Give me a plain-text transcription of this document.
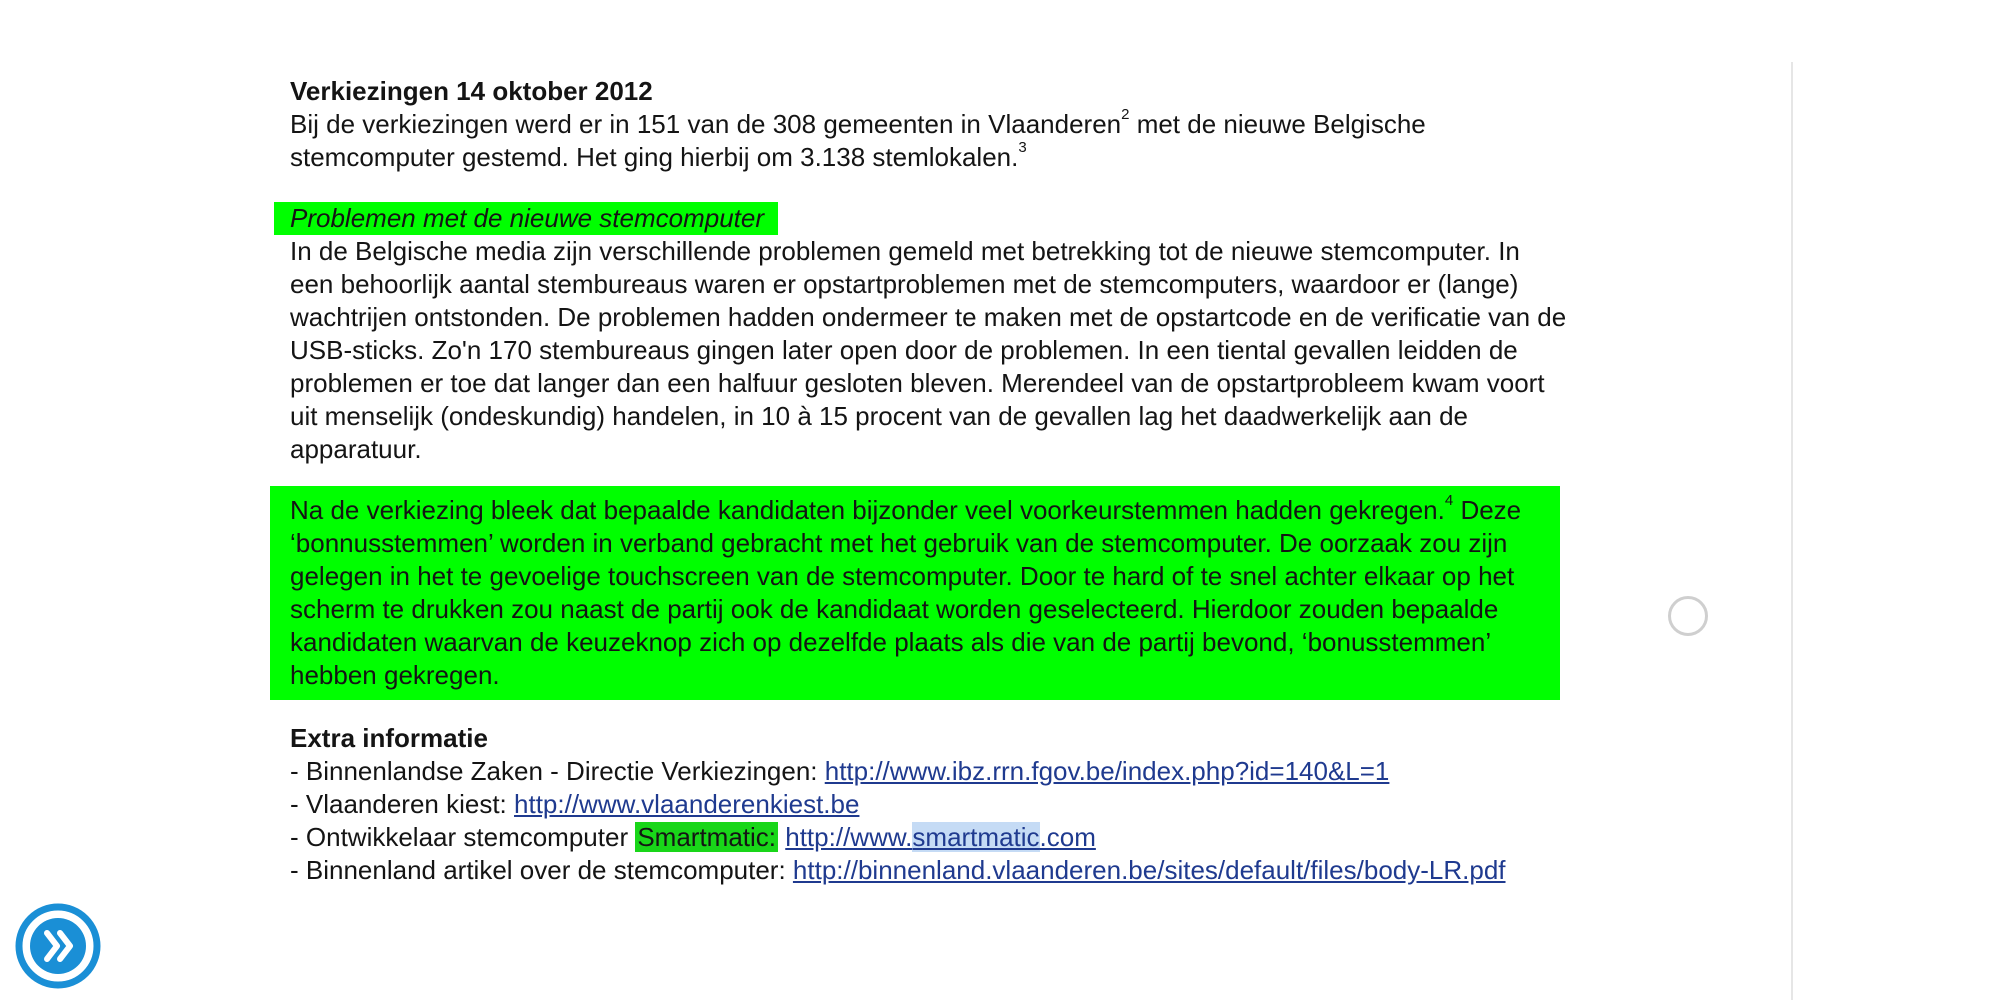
Verkiezingen 14 oktober 2012

Bij de verkiezingen werd er in 151 van de 308 gemeenten in Vlaanderen$^2$ met de nieuwe Belgische stemcomputer gestemd. Het ging hierbij om 3.138 stemlokalen.$^3$

Problemen met de nieuwe stemcomputer

In de Belgische media zijn verschillende problemen gemeld met betrekking tot de nieuwe stemcomputer. In een behoorlijk aantal stembureaus waren er opstartproblemen met de stemcomputers, waardoor er (lange) wachtrijen ontstonden. De problemen hadden ondermeer te maken met de opstartcode en de verificatie van de USB-sticks. Zo'n 170 stembureaus gingen later open door de problemen. In een tiental gevallen leidden de problemen er toe dat langer dan een halfuur gesloten bleven. Merendeel van de opstartprobleem kwam voort uit menselijk (ondeskundig) handelen, in 10 à 15 procent van de gevallen lag het daadwerkelijk aan de apparatuur.

Na de verkiezing bleek dat bepaalde kandidaten bijzonder veel voorkeurstemmen hadden gekregen.$^4$ Deze ‘bonnusstemmen’ worden in verband gebracht met het gebruik van de stemcomputer. De oorzaak zou zijn gelegen in het te gevoelige touchscreen van de stemcomputer. Door te hard of te snel achter elkaar op het scherm te drukken zou naast de partij ook de kandidaat worden geselecteerd. Hierdoor zouden bepaalde kandidaten waarvan de keuzeknop zich op dezelfde plaats als die van de partij bevond, ‘bonusstemmen’ hebben gekregen.

Extra informatie

- Binnenlandse Zaken - Directie Verkiezingen: http://www.ibz.rrn.fgov.be/index.php?id=140&L=1

- Vlaanderen kiest: http://www.vlaanderenkiest.be

- Ontwikkelaar stemcomputer Smartmatic: http://www.smartmatic.com

- Binnenland artikel over de stemcomputer: http://binnenland.vlaanderen.be/sites/default/files/body-LR.pdf
